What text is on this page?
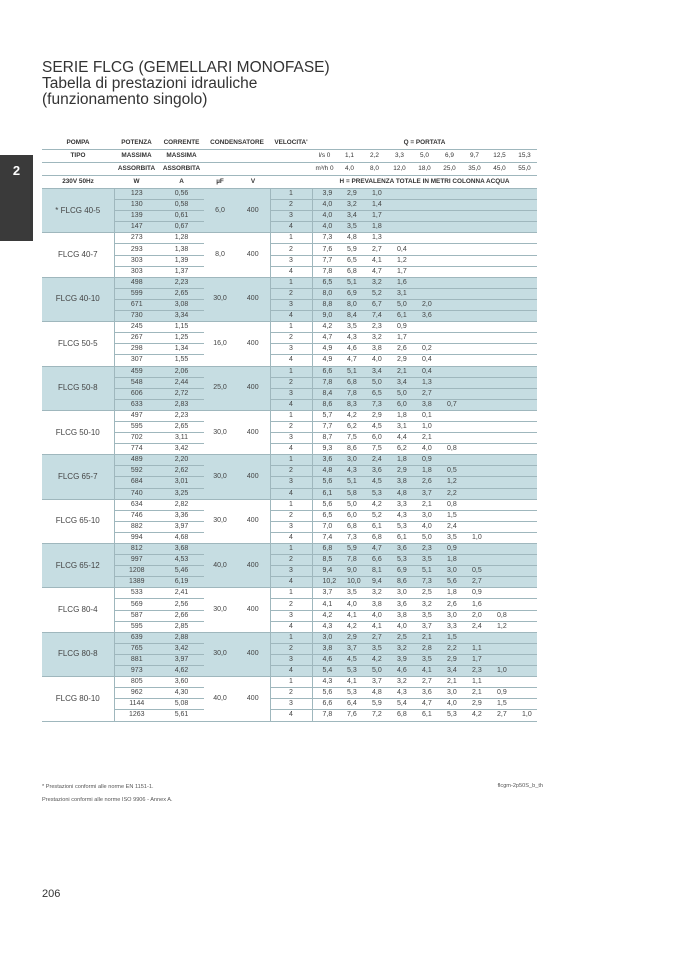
2
SERIE FLCG (GEMELLARI MONOFASE)
Tabella di prestazioni idrauliche
(funzionamento singolo)
POMPA	POTENZA	CORRENTE	CONDENSATORE		VELOCITA'	Q = PORTATA								
TIPO	MASSIMA	MASSIMA				l/s 0	1,1	2,2	3,3	5,0	6,9	9,7	12,5	15,3
	ASSORBITA	ASSORBITA				m³/h 0	4,0	8,0	12,0	18,0	25,0	35,0	45,0	55,0
230V 50Hz	W	A	µF	V		H = PREVALENZA TOTALE IN METRI COLONNA ACQUA								
* FLCG 40-5	123	0,56	6,0	400	1	3,9	2,9	1,0						
	130	0,58			2	4,0	3,2	1,4						
	139	0,61			3	4,0	3,4	1,7						
	147	0,67			4	4,0	3,5	1,8						
FLCG 40-7	273	1,28	8,0	400	1	7,3	4,8	1,3						
	293	1,38			2	7,6	5,9	2,7	0,4					
	303	1,39			3	7,7	6,5	4,1	1,2					
	303	1,37			4	7,8	6,8	4,7	1,7					
FLCG 40-10	498	2,23	30,0	400	1	6,5	5,1	3,2	1,6					
	599	2,65			2	8,0	6,9	5,2	3,1					
	671	3,08			3	8,8	8,0	6,7	5,0	2,0				
	730	3,34			4	9,0	8,4	7,4	6,1	3,6				
FLCG 50-5	245	1,15	16,0	400	1	4,2	3,5	2,3	0,9					
	267	1,25			2	4,7	4,3	3,2	1,7					
	298	1,34			3	4,9	4,6	3,8	2,6	0,2				
	307	1,55			4	4,9	4,7	4,0	2,9	0,4				
FLCG 50-8	459	2,06	25,0	400	1	6,6	5,1	3,4	2,1	0,4				
	548	2,44			2	7,8	6,8	5,0	3,4	1,3				
	606	2,72			3	8,4	7,8	6,5	5,0	2,7				
	633	2,83			4	8,6	8,3	7,3	6,0	3,8	0,7			
FLCG 50-10	497	2,23	30,0	400	1	5,7	4,2	2,9	1,8	0,1				
	595	2,65			2	7,7	6,2	4,5	3,1	1,0				
	702	3,11			3	8,7	7,5	6,0	4,4	2,1				
	774	3,42			4	9,3	8,6	7,5	6,2	4,0	0,8			
FLCG 65-7	489	2,20	30,0	400	1	3,6	3,0	2,4	1,8	0,9				
	592	2,62			2	4,8	4,3	3,6	2,9	1,8	0,5			
	684	3,01			3	5,6	5,1	4,5	3,8	2,6	1,2			
	740	3,25			4	6,1	5,8	5,3	4,8	3,7	2,2			
FLCG 65-10	634	2,82	30,0	400	1	5,6	5,0	4,2	3,3	2,1	0,8			
	746	3,36			2	6,5	6,0	5,2	4,3	3,0	1,5			
	882	3,97			3	7,0	6,8	6,1	5,3	4,0	2,4			
	994	4,68			4	7,4	7,3	6,8	6,1	5,0	3,5	1,0		
FLCG 65-12	812	3,68	40,0	400	1	6,8	5,9	4,7	3,6	2,3	0,9			
	997	4,53			2	8,5	7,8	6,6	5,3	3,5	1,8			
	1208	5,46			3	9,4	9,0	8,1	6,9	5,1	3,0	0,5		
	1389	6,19			4	10,2	10,0	9,4	8,6	7,3	5,6	2,7		
FLCG 80-4	533	2,41	30,0	400	1	3,7	3,5	3,2	3,0	2,5	1,8	0,9		
	569	2,56			2	4,1	4,0	3,8	3,6	3,2	2,6	1,6		
	587	2,66			3	4,2	4,1	4,0	3,8	3,5	3,0	2,0	0,8	
	595	2,85			4	4,3	4,2	4,1	4,0	3,7	3,3	2,4	1,2	
FLCG 80-8	639	2,88	30,0	400	1	3,0	2,9	2,7	2,5	2,1	1,5			
	765	3,42			2	3,8	3,7	3,5	3,2	2,8	2,2	1,1		
	881	3,97			3	4,6	4,5	4,2	3,9	3,5	2,9	1,7		
	973	4,62			4	5,4	5,3	5,0	4,6	4,1	3,4	2,3	1,0	
FLCG 80-10	805	3,60	40,0	400	1	4,3	4,1	3,7	3,2	2,7	2,1	1,1		
	962	4,30			2	5,6	5,3	4,8	4,3	3,6	3,0	2,1	0,9	
	1144	5,08			3	6,6	6,4	5,9	5,4	4,7	4,0	2,9	1,5	
	1263	5,61			4	7,8	7,6	7,2	6,8	6,1	5,3	4,2	2,7	1,0
* Prestazioni conformi alle norme EN 1151-1.
Prestazioni conformi alle norme ISO 9906 - Annex A.
flcgm-2p50S_b_th
206
